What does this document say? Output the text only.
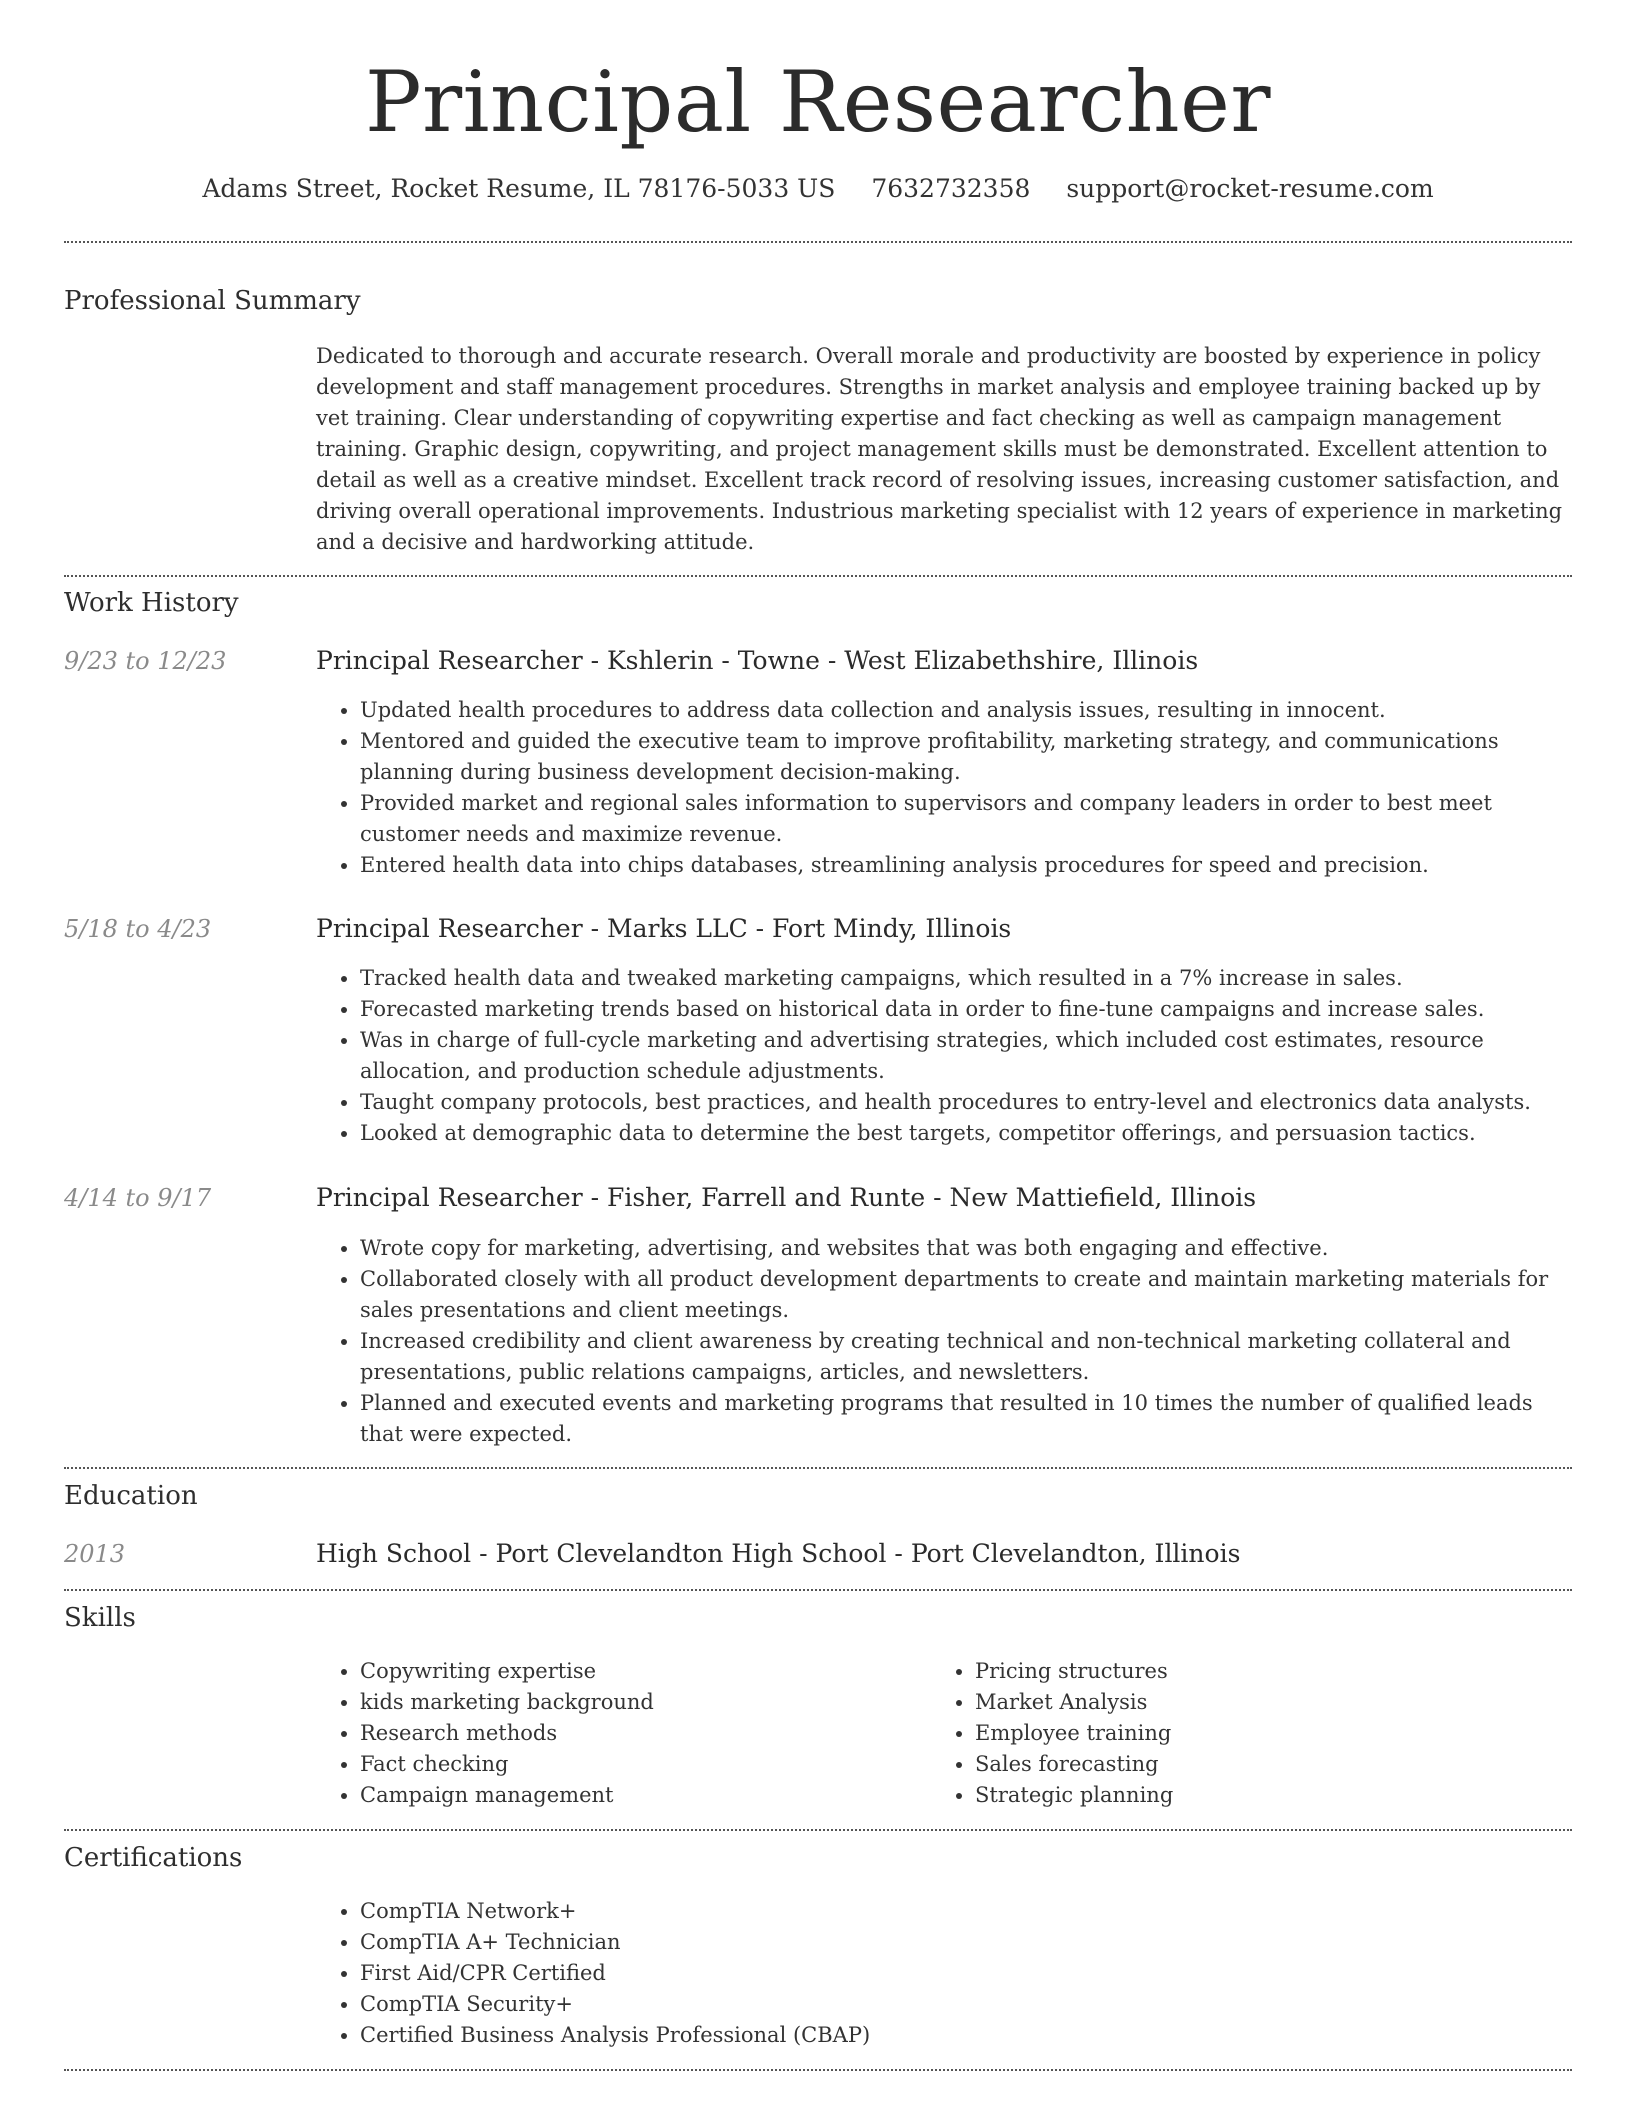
Principal Researcher
Adams Street, Rocket Resume, IL 78176-5033 US 7632732358 support@rocket-resume.com
Professional Summary
Dedicated to thorough and accurate research. Overall morale and productivity are boosted by experience in policy development and staff management procedures. Strengths in market analysis and employee training backed up by vet training. Clear understanding of copywriting expertise and fact checking as well as campaign management training. Graphic design, copywriting, and project management skills must be demonstrated. Excellent attention to detail as well as a creative mindset. Excellent track record of resolving issues, increasing customer satisfaction, and driving overall operational improvements. Industrious marketing specialist with 12 years of experience in marketing and a decisive and hardworking attitude.
Work History
9/23 to 12/23	Principal Researcher - Kshlerin - Towne - West Elizabethshire, Illinois
• Updated health procedures to address data collection and analysis issues, resulting in innocent.
• Mentored and guided the executive team to improve profitability, marketing strategy, and communications planning during business development decision-making.
• Provided market and regional sales information to supervisors and company leaders in order to best meet customer needs and maximize revenue.
• Entered health data into chips databases, streamlining analysis procedures for speed and precision.
5/18 to 4/23	Principal Researcher - Marks LLC - Fort Mindy, Illinois
• Tracked health data and tweaked marketing campaigns, which resulted in a 7% increase in sales.
• Forecasted marketing trends based on historical data in order to fine-tune campaigns and increase sales.
• Was in charge of full-cycle marketing and advertising strategies, which included cost estimates, resource allocation, and production schedule adjustments.
• Taught company protocols, best practices, and health procedures to entry-level and electronics data analysts.
• Looked at demographic data to determine the best targets, competitor offerings, and persuasion tactics.
4/14 to 9/17	Principal Researcher - Fisher, Farrell and Runte - New Mattiefield, Illinois
• Wrote copy for marketing, advertising, and websites that was both engaging and effective.
• Collaborated closely with all product development departments to create and maintain marketing materials for sales presentations and client meetings.
• Increased credibility and client awareness by creating technical and non-technical marketing collateral and presentations, public relations campaigns, articles, and newsletters.
• Planned and executed events and marketing programs that resulted in 10 times the number of qualified leads that were expected.
Education
2013	High School - Port Clevelandton High School - Port Clevelandton, Illinois
Skills
• Copywriting expertise
• kids marketing background
• Research methods
• Fact checking
• Campaign management
• Pricing structures
• Market Analysis
• Employee training
• Sales forecasting
• Strategic planning
Certifications
• CompTIA Network+
• CompTIA A+ Technician
• First Aid/CPR Certified
• CompTIA Security+
• Certified Business Analysis Professional (CBAP)
